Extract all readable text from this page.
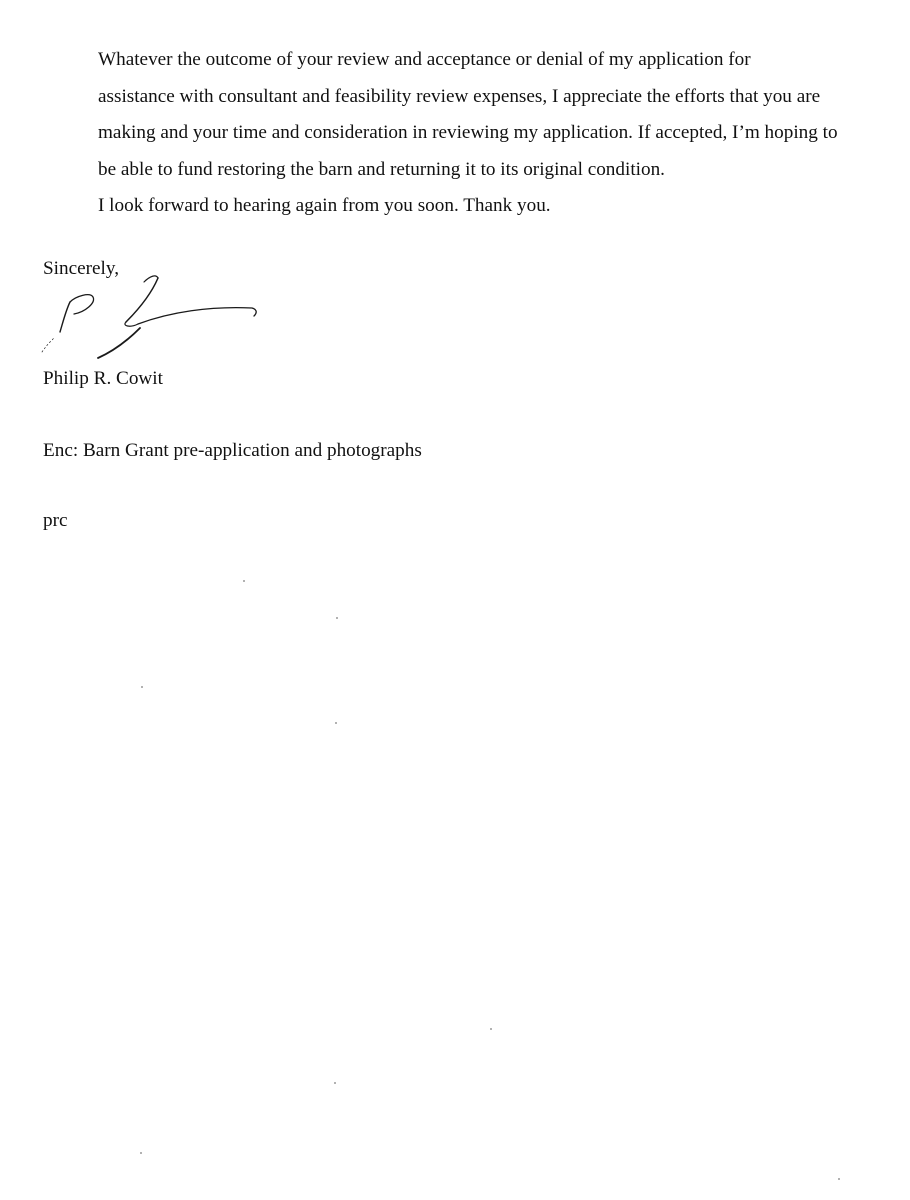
Whatever the outcome of your review and acceptance or denial of my application for
assistance with consultant and feasibility review expenses, I appreciate the efforts that you are
making and your time and consideration in reviewing my application. If accepted, I’m hoping to
be able to fund restoring the barn and returning it to its original condition.

I look forward to hearing again from you soon. Thank you.

Sincerely,

Philip R. Cowit

Enc: Barn Grant pre-application and photographs

prc
